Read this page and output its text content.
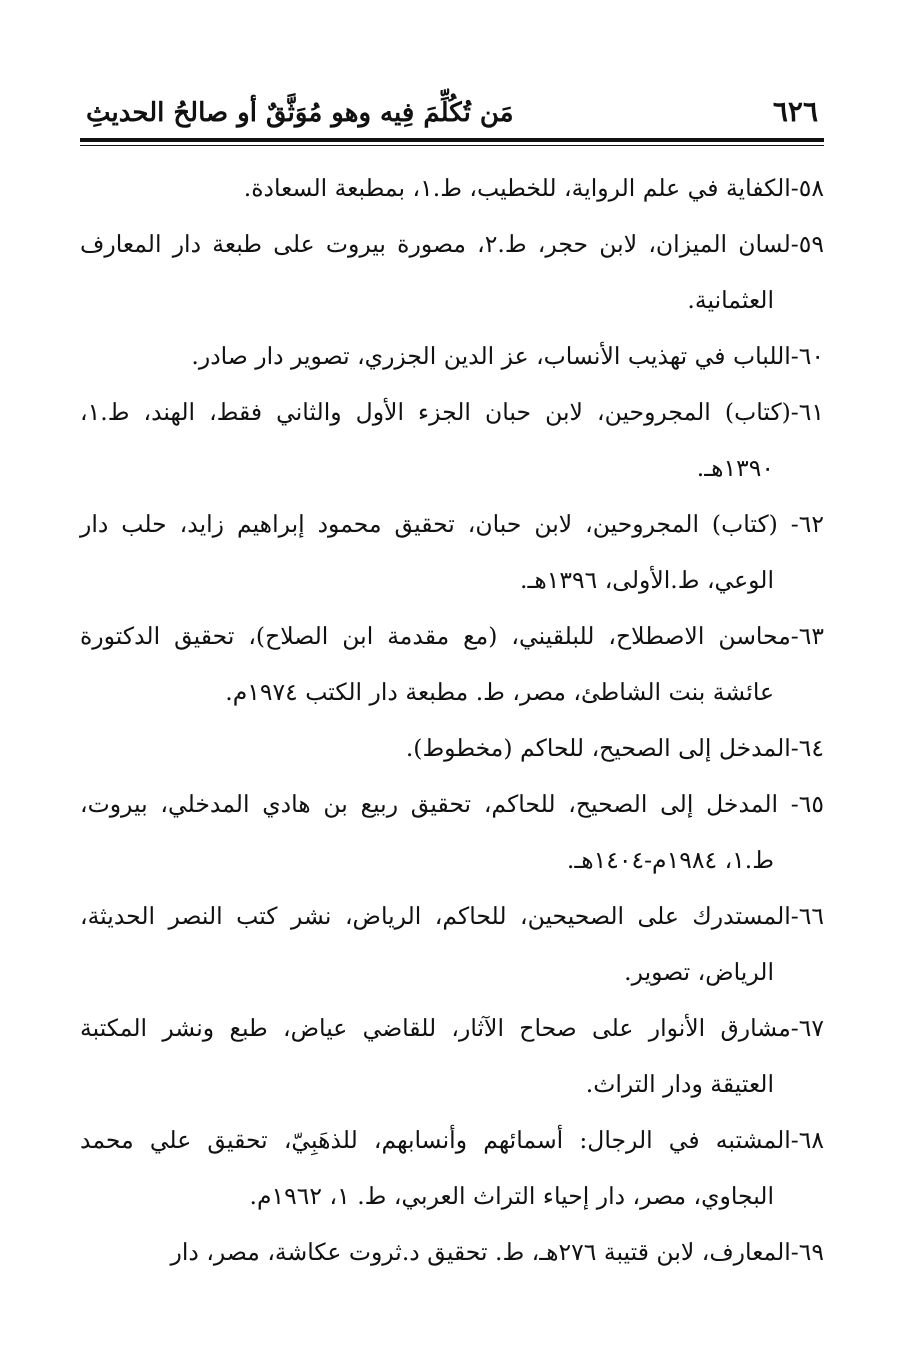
٦٢٦
مَن تُكُلِّمَ فِيه وهو مُوَثَّقٌ أو صالحُ الحديثِ
٥٨-الكفاية في علم الرواية، للخطيب، ط.١، بمطبعة السعادة.
٥٩-لسان الميزان، لابن حجر، ط.٢، مصورة بيروت على طبعة دار المعارف العثمانية.
٦٠-اللباب في تهذيب الأنساب، عز الدين الجزري، تصوير دار صادر.
٦١-(كتاب) المجروحين، لابن حبان الجزء الأول والثاني فقط، الهند، ط.١، ١٣٩٠هـ.
٦٢- (كتاب) المجروحين، لابن حبان، تحقيق محمود إبراهيم زايد، حلب دار الوعي، ط.الأولى، ١٣٩٦هـ.
٦٣-محاسن الاصطلاح، للبلقيني، (مع مقدمة ابن الصلاح)، تحقيق الدكتورة عائشة بنت الشاطئ، مصر، ط. مطبعة دار الكتب ١٩٧٤م.
٦٤-المدخل إلى الصحيح، للحاكم (مخطوط).
٦٥- المدخل إلى الصحيح، للحاكم، تحقيق ربيع بن هادي المدخلي، بيروت، ط.١، ١٩٨٤م-١٤٠٤هـ.
٦٦-المستدرك على الصحيحين، للحاكم، الرياض، نشر كتب النصر الحديثة، الرياض، تصوير.
٦٧-مشارق الأنوار على صحاح الآثار، للقاضي عياض، طبع ونشر المكتبة العتيقة ودار التراث.
٦٨-المشتبه في الرجال: أسمائهم وأنسابهم، للذهَبِيّ، تحقيق علي محمد البجاوي، مصر، دار إحياء التراث العربي، ط. ١، ١٩٦٢م.
٦٩-المعارف، لابن قتيبة ٢٧٦هـ، ط. تحقيق د.ثروت عكاشة، مصر، دار
